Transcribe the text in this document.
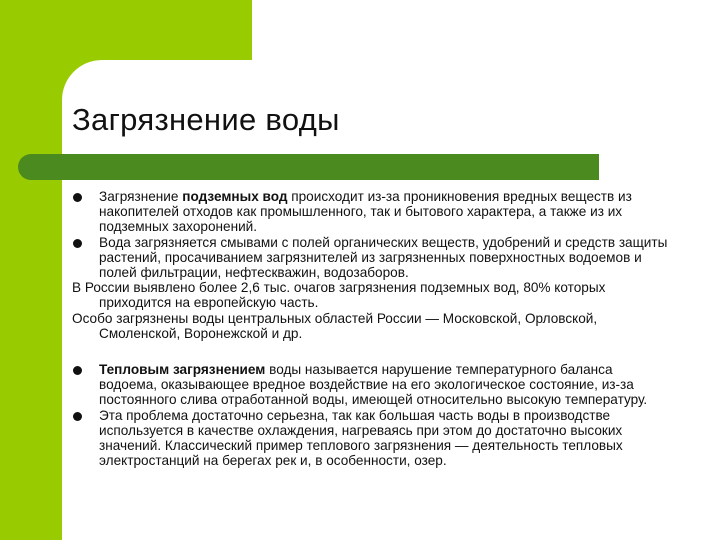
Загрязнение воды
Загрязнение подземных вод происходит из-за проникновения вредных веществ из накопителей отходов как промышленного, так и бытового характера, а также из их подземных захоронений.
Вода загрязняется смывами с полей органических веществ, удобрений и средств защиты растений, просачиванием загрязнителей из загрязненных поверхностных водоемов и полей фильтрации, нефтескважин, водозаборов.
В России выявлено более 2,6 тыс. очагов загрязнения подземных вод, 80% которых приходится на европейскую часть.
Особо загрязнены воды центральных областей России — Московской, Орловской, Смоленской, Воронежской и др.
Тепловым загрязнением воды называется нарушение температурного баланса водоема, оказывающее вредное воздействие на его экологическое состояние, из-за постоянного слива отработанной воды, имеющей относительно высокую температуру.
Эта проблема достаточно серьезна, так как большая часть воды в производстве используется в качестве охлаждения, нагреваясь при этом до достаточно высоких значений. Классический пример теплового загрязнения — деятельность тепловых электростанций на берегах рек и, в особенности, озер.
